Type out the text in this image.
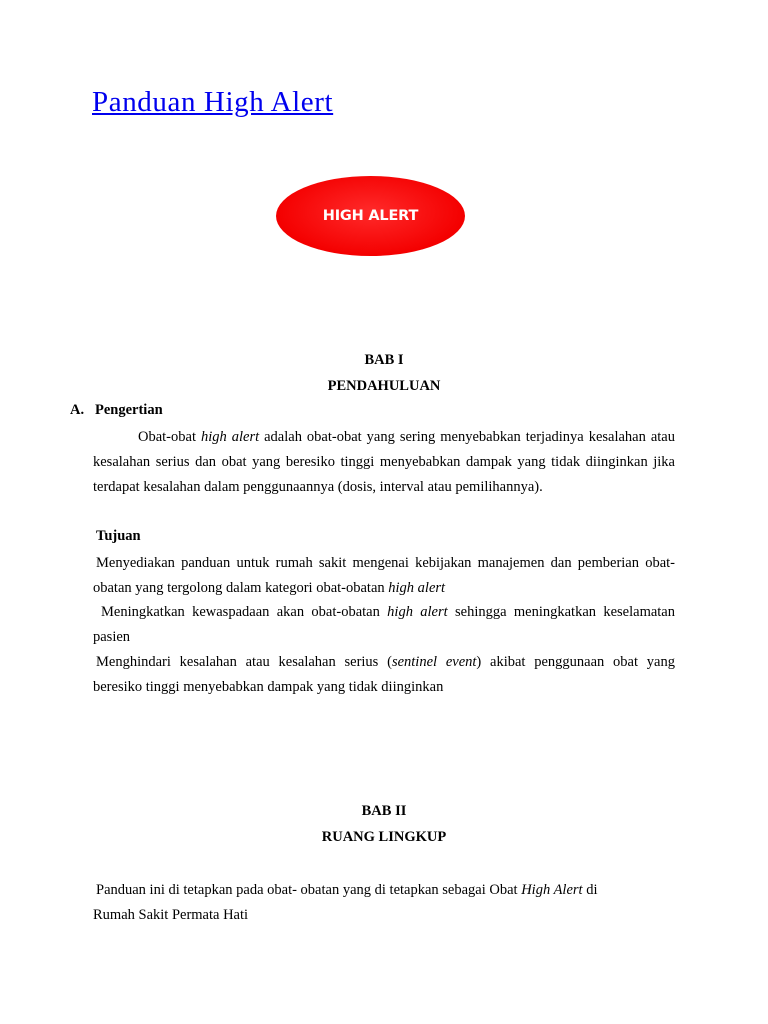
Panduan High Alert
HIGH ALERT
BAB I
PENDAHULUAN
A. Pengertian

Obat-obat high alert adalah obat-obat yang sering menyebabkan terjadinya kesalahan atau kesalahan serius dan obat yang beresiko tinggi menyebabkan dampak yang tidak diinginkan jika terdapat kesalahan dalam penggunaannya (dosis, interval atau pemilihannya).

Tujuan

Menyediakan panduan untuk rumah sakit mengenai kebijakan manajemen dan pemberian obat-obatan yang tergolong dalam kategori obat-obatan high alert

Meningkatkan kewaspadaan akan obat-obatan high alert sehingga meningkatkan keselamatan pasien

Menghindari kesalahan atau kesalahan serius (sentinel event) akibat penggunaan obat yang beresiko tinggi menyebabkan dampak yang tidak diinginkan

BAB II
RUANG LINGKUP

Panduan ini di tetapkan pada obat- obatan yang di tetapkan sebagai Obat High Alert di

Rumah Sakit Permata Hati
